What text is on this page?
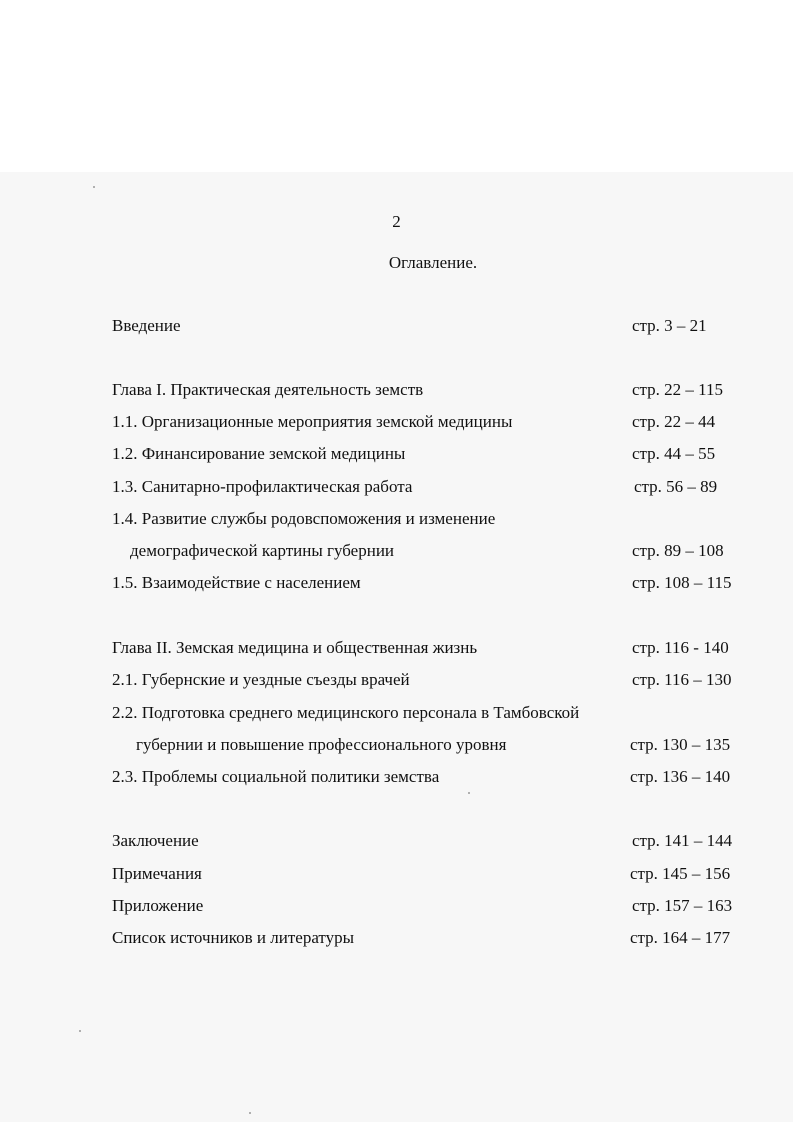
2
Оглавление.
Введение	стр. 3 – 21
Глава I. Практическая деятельность земств	стр. 22 – 115
1.1. Организационные мероприятия земской медицины	стр. 22 – 44
1.2. Финансирование земской медицины	стр. 44 – 55
1.3. Санитарно-профилактическая работа	стр. 56 – 89
1.4. Развитие службы родовспоможения и изменение
демографической картины губернии	стр. 89 – 108
1.5. Взаимодействие с населением	стр. 108 – 115
Глава II. Земская медицина и общественная жизнь	стр. 116 - 140
2.1. Губернские и уездные съезды врачей	стр. 116 – 130
2.2. Подготовка среднего медицинского персонала в Тамбовской
губернии и повышение профессионального уровня	стр. 130 – 135
2.3. Проблемы социальной политики земства	стр. 136 – 140
Заключение	стр. 141 – 144
Примечания	стр. 145 – 156
Приложение	стр. 157 – 163
Список источников и литературы	стр. 164 – 177
